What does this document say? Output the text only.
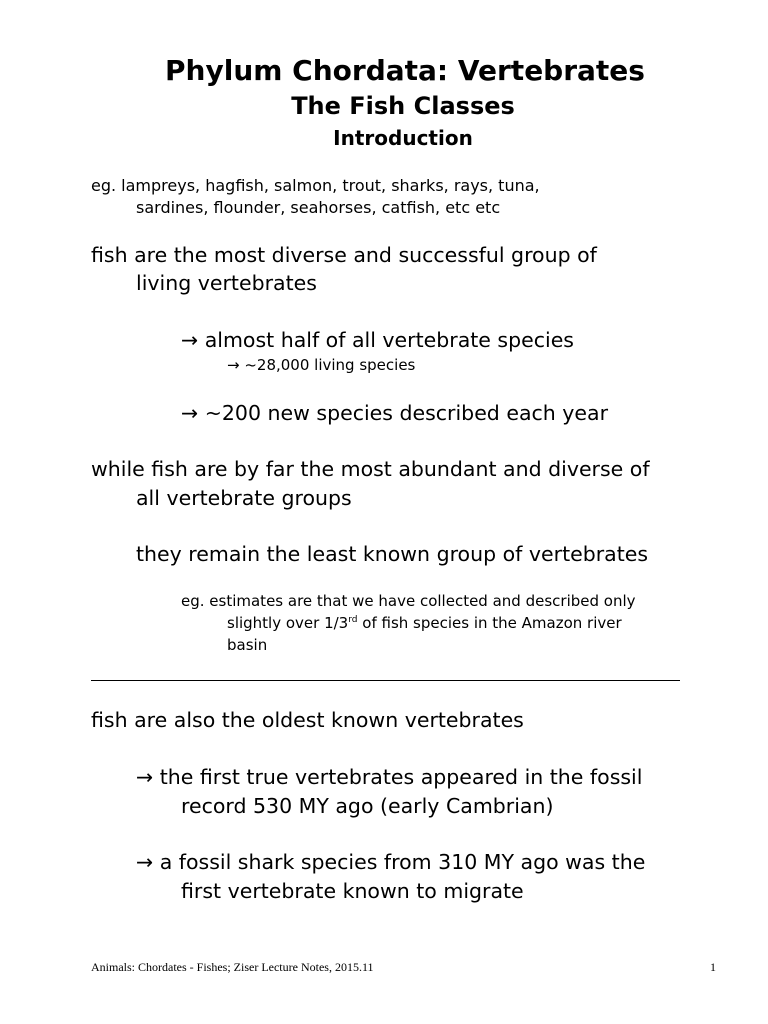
Phylum Chordata: Vertebrates
The Fish Classes
Introduction
eg. lampreys, hagfish, salmon, trout, sharks, rays, tuna,
sardines, flounder, seahorses, catfish, etc etc
fish are the most diverse and successful group of
living vertebrates
→ almost half of all vertebrate species
→ ~28,000 living species
→ ~200 new species described each year
while fish are by far the most abundant and diverse of
all vertebrate groups
they remain the least known group of vertebrates
eg. estimates are that we have collected and described only
slightly over 1/3rd of fish species in the Amazon river
basin
fish are also the oldest known vertebrates
→ the first true vertebrates appeared in the fossil
record 530 MY ago (early Cambrian)
→ a fossil shark species from 310 MY ago was the
first vertebrate known to migrate
Animals: Chordates - Fishes; Ziser Lecture Notes, 2015.11	1
